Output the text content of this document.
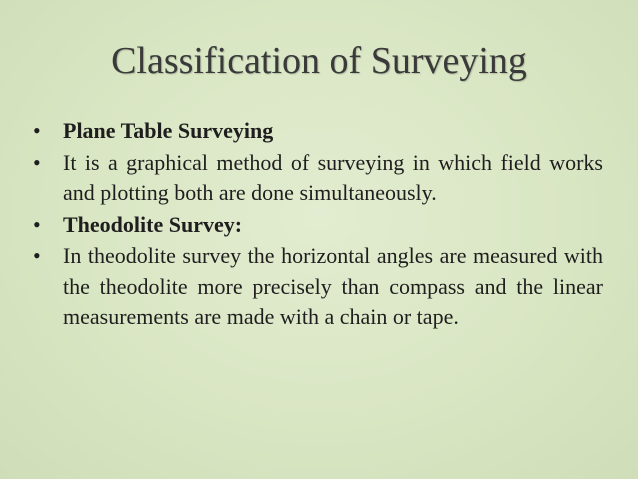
Classification of Surveying
• Plane Table Surveying
• It is a graphical method of surveying in which field works and plotting both are done simultaneously.
• Theodolite Survey:
• In theodolite survey the horizontal angles are measured with the theodolite more precisely than compass and the linear measurements are made with a chain or tape.
